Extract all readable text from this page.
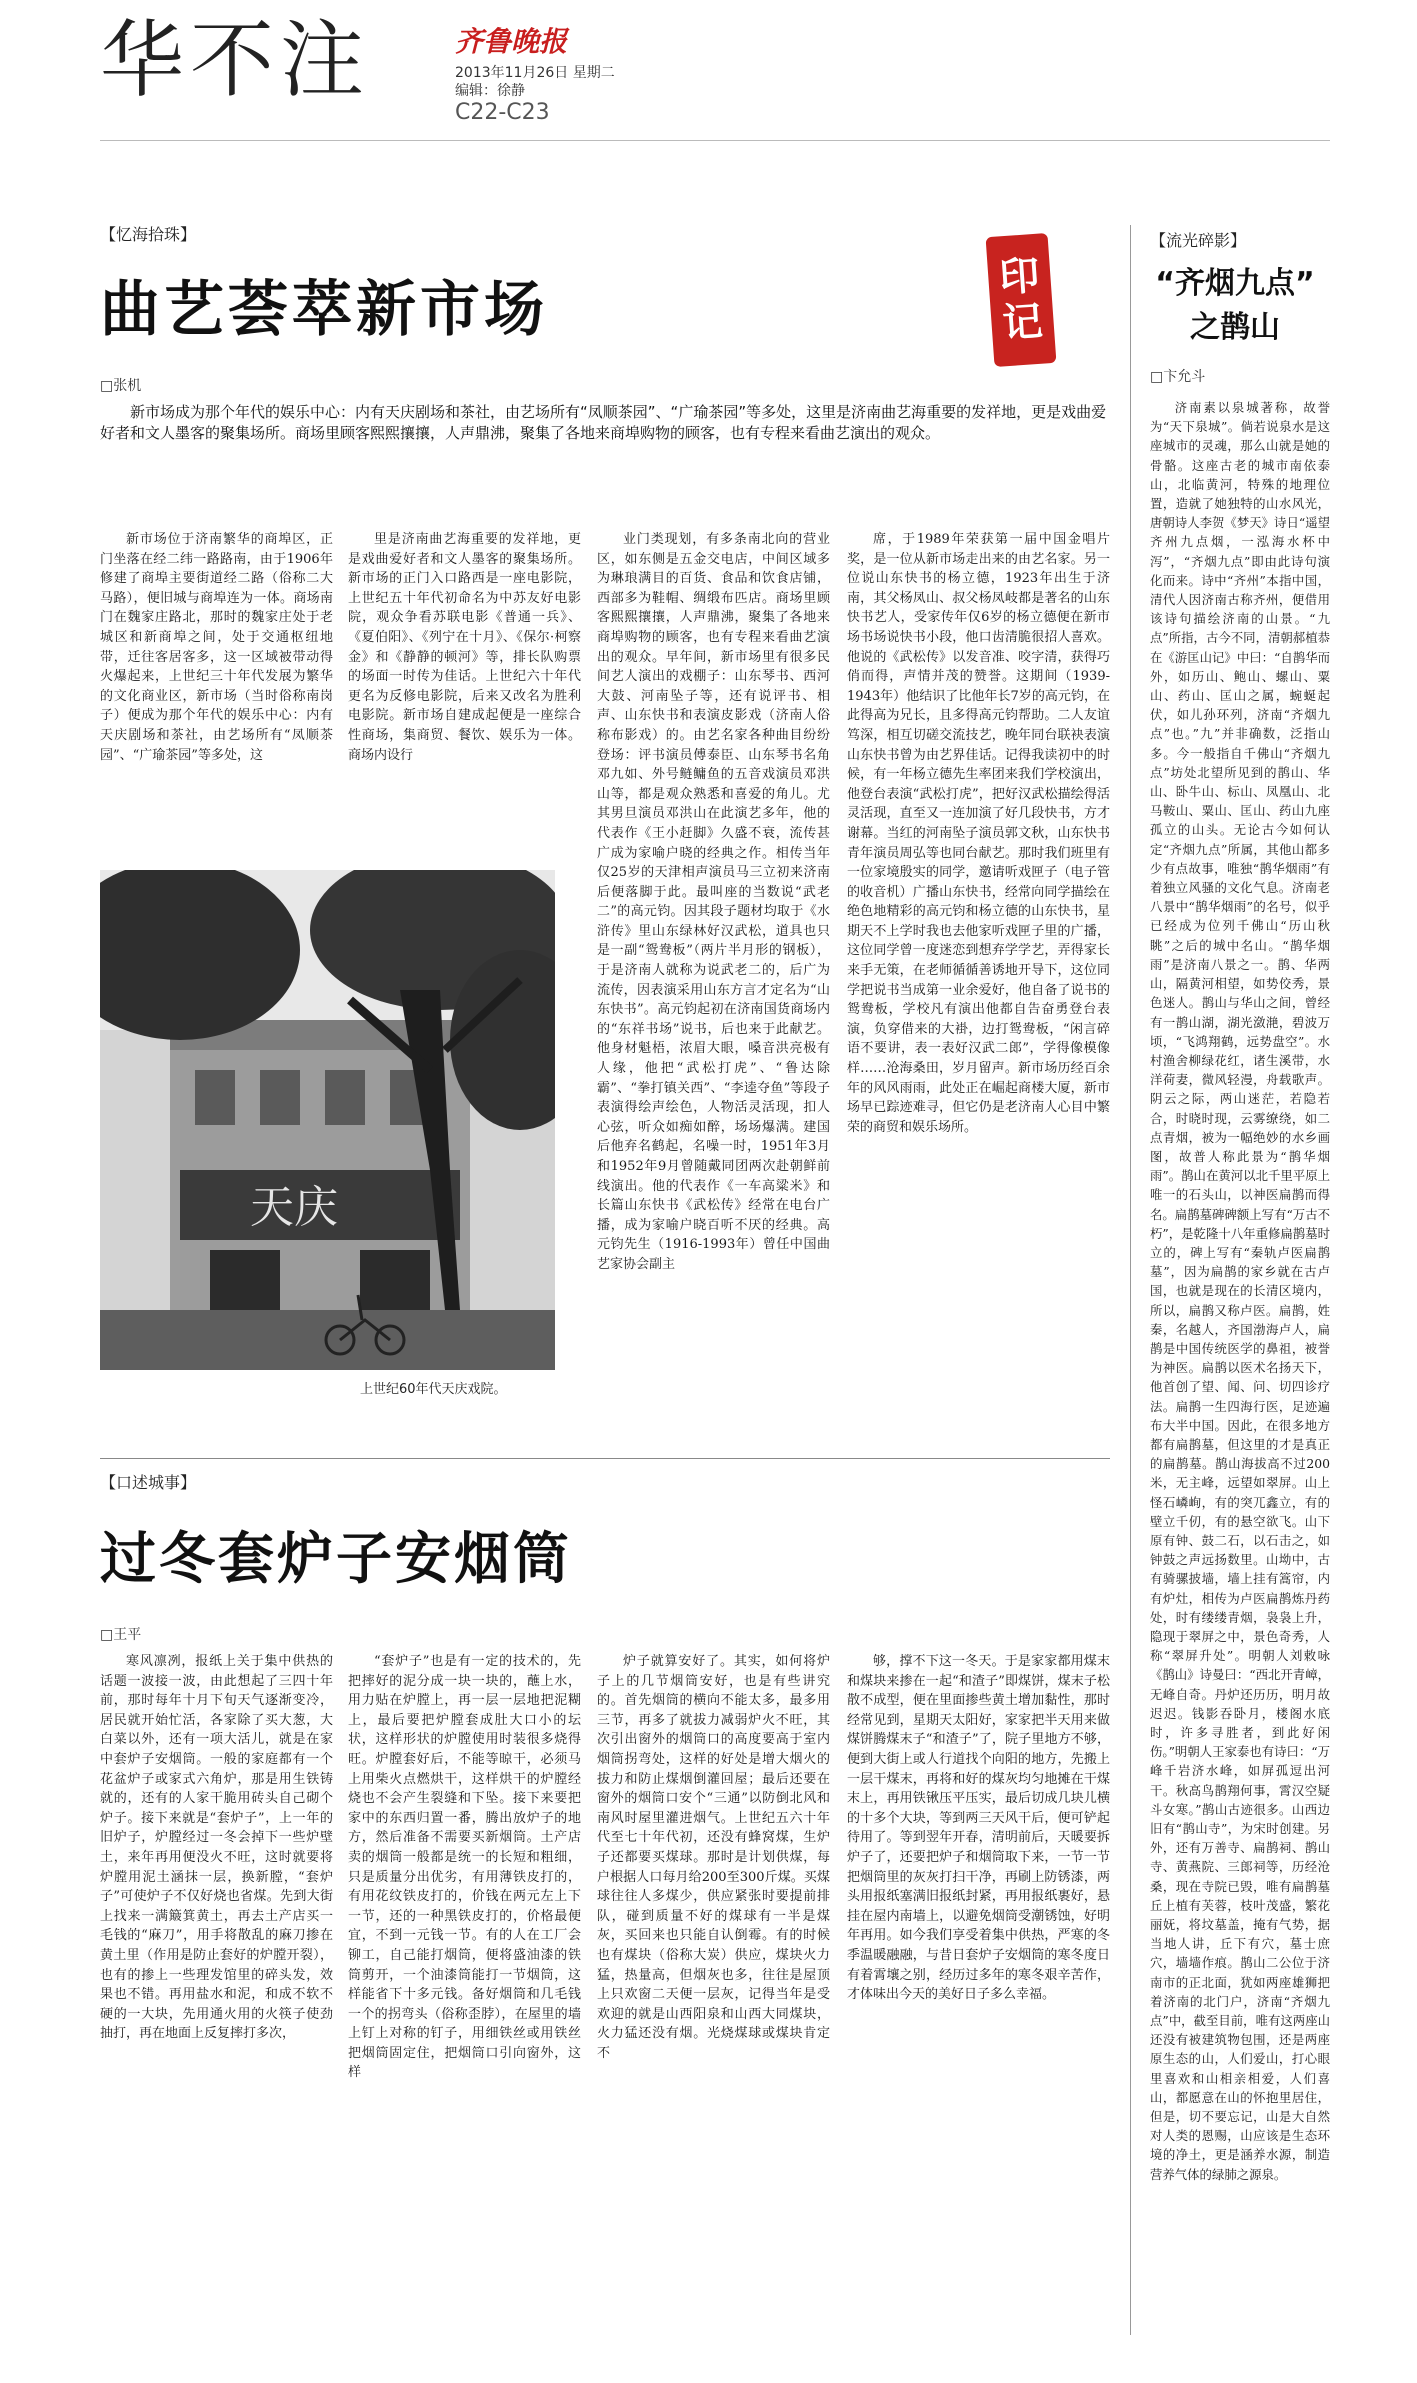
华不注	齐鲁晚报
2013年11月26日 星期二
编辑：徐静
C22-C23
【忆海拾珠】
曲艺荟萃新市场
□张机
印
记

新市场成为那个年代的娱乐中心：内有天庆剧场和茶社，由艺场所有“凤顺茶园”、“广瑜茶园”等多处，这里是济南曲艺海重要的发祥地，更是戏曲爱好者和文人墨客的聚集场所。商场里顾客熙熙攘攘，人声鼎沸，聚集了各地来商埠购物的顾客，也有专程来看曲艺演出的观众。

新市场位于济南繁华的商埠区，正门坐落在经二纬一路路南，由于1906年修建了商埠主要街道经二路（俗称二大马路），便旧城与商埠连为一体。商场南门在魏家庄路北，那时的魏家庄处于老城区和新商埠之间，处于交通枢纽地带，迁往客居客多，这一区域被带动得火爆起来，上世纪三十年代发展为繁华的文化商业区，新市场（当时俗称南岗子）便成为那个年代的娱乐中心：内有天庆剧场和茶社，由艺场所有“凤顺茶园”、“广瑜茶园”等多处，这

里是济南曲艺海重要的发祥地，更是戏曲爱好者和文人墨客的聚集场所。新市场的正门入口路西是一座电影院，上世纪五十年代初命名为中苏友好电影院，观众争看苏联电影《普通一兵》、《夏伯阳》、《列宁在十月》、《保尔·柯察金》和《静静的顿河》等，排长队购票的场面一时传为佳话。上世纪六十年代更名为反修电影院，后来又改名为胜利电影院。新市场自建成起便是一座综合性商场，集商贸、餐饮、娱乐为一体。商场内设行

业门类现划，有多条南北向的营业区，如东侧是五金交电店，中间区域多为琳琅满目的百货、食品和饮食店铺，西部多为鞋帽、绸缎布匹店。商场里顾客熙熙攘攘，人声鼎沸，聚集了各地来商埠购物的顾客，也有专程来看曲艺演出的观众。早年间，新市场里有很多民间艺人演出的戏棚子：山东琴书、西河大鼓、河南坠子等，还有说评书、相声、山东快书和表演皮影戏（济南人俗称布影戏）的。由艺名家各种曲目纷纷登场：评书演员傅泰臣、山东琴书名角邓九如、外号鲢鳙鱼的五音戏演员邓洪山等，都是观众熟悉和喜爱的角儿。尤其男旦演员邓洪山在此演艺多年，他的代表作《王小赶脚》久盛不衰，流传甚广成为家喻户晓的经典之作。相传当年仅25岁的天津相声演员马三立初来济南后便落脚于此。最叫座的当数说“武老二”的高元钧。因其段子题材均取于《水浒传》里山东绿林好汉武松，道具也只是一副“鸳鸯板”（两片半月形的钢板），于是济南人就称为说武老二的，后广为流传，因表演采用山东方言才定名为“山东快书”。高元钧起初在济南国货商场内的“东祥书场”说书，后也来于此献艺。他身材魁梧，浓眉大眼，嗓音洪亮极有人缘，他把“武松打虎”、“鲁达除霸”、“拳打镇关西”、“李逵夺鱼”等段子表演得绘声绘色，人物活灵活现，扣人心弦，听众如痴如醉，场场爆满。建国后他弃名鹤起，名噪一时，1951年3月和1952年9月曾随戴同团两次赴朝鲜前线演出。他的代表作《一车高粱米》和长篇山东快书《武松传》经常在电台广播，成为家喻户晓百听不厌的经典。高元钧先生（1916-1993年）曾任中国曲艺家协会副主

席，于1989年荣获第一届中国金唱片奖，是一位从新市场走出来的由艺名家。另一位说山东快书的杨立德，1923年出生于济南，其父杨凤山、叔父杨凤岐都是著名的山东快书艺人，受家传年仅6岁的杨立德便在新市场书场说快书小段，他口齿清脆很招人喜欢。他说的《武松传》以发音准、咬字清，获得巧俏而得，声情并茂的赞誉。这期间（1939-1943年）他结识了比他年长7岁的高元钧，在此得高为兄长，且多得高元钧帮助。二人友谊笃深，相互切磋交流技艺，晚年同台联袂表演山东快书曾为由艺界佳话。记得我读初中的时候，有一年杨立德先生率团来我们学校演出，他登台表演“武松打虎”，把好汉武松描绘得活灵活现，直至又一连加演了好几段快书，方才谢幕。当红的河南坠子演员郭文秋，山东快书青年演员周弘等也同台献艺。那时我们班里有一位家境殷实的同学，邀请听戏匣子（电子管的收音机）广播山东快书，经常向同学描绘在绝色地精彩的高元钧和杨立德的山东快书，星期天不上学时我也去他家听戏匣子里的广播，这位同学曾一度迷恋到想弃学学艺，弄得家长来手无策，在老师循循善诱地开导下，这位同学把说书当成第一业余爱好，他自备了说书的鸳鸯板，学校凡有演出他都自告奋勇登台表演，负穿借来的大褂，边打鸳鸯板，“闲言碎语不要讲，表一表好汉武二郎”，学得像模像样……沧海桑田，岁月留声。新市场历经百余年的风风雨雨，此处正在崛起商楼大厦，新市场早已踪迹难寻，但它仍是老济南人心目中繁荣的商贸和娱乐场所。

天庆
上世纪60年代天庆戏院。
【口述城事】
过冬套炉子安烟筒
□王平

寒风凛冽，报纸上关于集中供热的话题一波接一波，由此想起了三四十年前，那时每年十月下旬天气逐渐变冷，居民就开始忙活，各家除了买大葱，大白菜以外，还有一项大活儿，就是在家中套炉子安烟筒。一般的家庭都有一个花盆炉子或家式六角炉，那是用生铁铸就的，还有的人家干脆用砖头自己砌个炉子。接下来就是“套炉子”，上一年的旧炉子，炉膛经过一冬会掉下一些炉壁土，来年再用便没火不旺，这时就要将炉膛用泥土涵抹一层，换新膛，“套炉子”可使炉子不仅好烧也省煤。先到大街上找来一满簸箕黄土，再去土产店买一毛钱的“麻刀”，用手将散乱的麻刀掺在黄土里（作用是防止套好的炉膛开裂），也有的掺上一些理发馆里的碎头发，效果也不错。再用盐水和泥，和成不软不硬的一大块，先用通火用的火筷子使劲抽打，再在地面上反复摔打多次，

“套炉子”也是有一定的技术的，先把摔好的泥分成一块一块的，蘸上水，用力贴在炉膛上，再一层一层地把泥糊上，最后要把炉膛套成肚大口小的坛状，这样形状的炉膛使用时装很多烧得旺。炉膛套好后，不能等晾干，必须马上用柴火点燃烘干，这样烘干的炉膛经烧也不会产生裂缝和下坠。接下来要把家中的东西归置一番，腾出放炉子的地方，然后准备不需要买新烟筒。土产店卖的烟筒一般都是统一的长短和粗细，只是质量分出优劣，有用薄铁皮打的，有用花纹铁皮打的，价钱在两元左上下一节，还的一种黑铁皮打的，价格最便宜，不到一元钱一节。有的人在工厂会铆工，自己能打烟筒，便将盛油漆的铁筒剪开，一个油漆筒能打一节烟筒，这样能省下十多元钱。备好烟筒和几毛钱一个的拐弯头（俗称歪脖），在屋里的墙上钉上对称的钉子，用细铁丝或用铁丝把烟筒固定住，把烟筒口引向窗外，这样

炉子就算安好了。其实，如何将炉子上的几节烟筒安好，也是有些讲究的。首先烟筒的横向不能太多，最多用三节，再多了就拔力减弱炉火不旺，其次引出窗外的烟筒口的高度要高于室内烟筒拐弯处，这样的好处是增大烟火的拔力和防止煤烟倒灌回屋；最后还要在窗外的烟筒口安个“三通”以防倒北风和南风时屋里灌进烟气。上世纪五六十年代至七十年代初，还没有蜂窝煤，生炉子还都要买煤球。那时是计划供煤，每户根据人口每月给200至300斤煤。买煤球往往人多煤少，供应紧张时要提前排队，碰到质量不好的煤球有一半是煤灰，买回来也只能自认倒霉。有的时候也有煤块（俗称大炭）供应，煤块火力猛，热量高，但烟灰也多，往往是屋顶上只欢窗二天便一层灰，记得当年是受欢迎的就是山西阳泉和山西大同煤块，火力猛还没有烟。光烧煤球或煤块肯定不

够，撑不下这一冬天。于是家家都用煤末和煤块来掺在一起“和渣子”即煤饼，煤末子松散不成型，便在里面掺些黄土增加黏性，那时经常见到，星期天太阳好，家家把半天用来做煤饼腾煤末子“和渣子”了，院子里地方不够，便到大街上或人行道找个向阳的地方，先搬上一层干煤末，再将和好的煤灰均匀地摊在干煤末上，再用铁锹压平压实，最后切成几块儿横的十多个大块，等到两三天风干后，便可铲起待用了。等到翌年开春，清明前后，天暖要拆炉子了，还要把炉子和烟筒取下来，一节一节把烟筒里的灰灰打扫干净，再刷上防锈漆，两头用报纸塞满旧报纸封紧，再用报纸裹好，悬挂在屋内南墙上，以避免烟筒受潮锈蚀，好明年再用。如今我们享受着集中供热，严寒的冬季温暖融融，与昔日套炉子安烟筒的寒冬度日有着霄壤之别，经历过多年的寒冬艰辛苦作，才体味出今天的美好日子多么幸福。

【流光碎影】
“齐烟九点”
之鹊山
□卞允斗

济南素以泉城著称，故誉为“天下泉城”。倘若说泉水是这座城市的灵魂，那么山就是她的骨骼。这座古老的城市南依泰山，北临黄河，特殊的地理位置，造就了她独特的山水风光，唐朝诗人李贺《梦天》诗日“遥望齐州九点烟，一泓海水杯中泻”，“齐烟九点”即由此诗句演化而来。诗中“齐州”本指中国，清代人因济南古称齐州，便借用该诗句描绘济南的山景。“九点”所指，古今不同，清朝郝植恭在《游匡山记》中曰：“自鹊华而外，如历山、鲍山、螺山、粟山、药山、匡山之属，蜿蜒起伏，如儿孙环列，济南“齐烟九点”也。”九”并非确数，泛指山多。今一般指自千佛山“齐烟九点”坊处北望所见到的鹊山、华山、卧牛山、标山、凤凰山、北马鞍山、粟山、匡山、药山九座孤立的山头。无论古今如何认定“齐烟九点”所属，其他山都多少有点故事，唯独“鹊华烟雨”有着独立风骚的文化气息。济南老八景中“鹊华烟雨”的名号，似乎已经成为位列千佛山“历山秋眺”之后的城中名山。“鹊华烟雨”是济南八景之一。鹊、华两山，隔黄河相望，如势佼秀，景色迷人。鹊山与华山之间，曾经有一鹊山湖，湖光潋滟，碧波万顷，“飞鸿翔鹤，远势盘空”。水村渔舍柳绿花红，诸生溪带，水洋荷妻，微风轻漫，舟载歌声。阴云之际，两山迷茫，若隐若合，时晓时现，云雾缭绕，如二点青烟，被为一幅绝妙的水乡画图，故普人称此景为“鹊华烟雨”。鹊山在黄河以北千里平原上唯一的石头山，以神医扁鹊而得名。扁鹊墓碑碑额上写有“万古不朽”，是乾隆十八年重修扁鹊墓时立的，碑上写有“秦轨卢医扁鹊墓”，因为扁鹊的家乡就在古卢国，也就是现在的长清区境内，所以，扁鹊又称卢医。扁鹊，姓秦，名越人，齐国渤海卢人，扁鹊是中国传统医学的鼻祖，被誉为神医。扁鹊以医术名扬天下，他首创了望、闻、问、切四诊疗法。扁鹊一生四海行医，足迹遍布大半中国。因此，在很多地方都有扁鹊墓，但这里的才是真正的扁鹊墓。鹊山海拔高不过200米，无主峰，远望如翠屏。山上怪石嶙峋，有的突兀鑫立，有的壁立千仞，有的悬空欲飞。山下原有钟、鼓二石，以石击之，如钟鼓之声远扬数里。山坳中，古有骑骡披墙，墙上挂有篙帘，内有炉灶，相传为卢医扁鹊炼丹药处，时有缕缕青烟，袅袅上升，隐现于翠屏之中，景色奇秀，人称“翠屏升处”。明朝人刘敕咏《鹊山》诗曼曰：“西北开青嶂，无峰自奇。丹炉还历历，明月故迟迟。钱影吞卧月，楼阁水底时，许多寻胜者，到此好闲伤。”明朝人王家泰也有诗曰：“万峰千岩济水峰，如屏孤逗出河干。秋高鸟鹊翔何事，霄汉空疑斗女寒。”鹊山古迹很多。山西边旧有“鹊山寺”，为宋时创建。另外，还有万善寺、扁鹊祠、鹊山寺、黄燕院、三郎祠等，历经沧桑，现在寺院已毁，唯有扁鹊墓丘上植有芙蓉，枝叶茂盛，繁花丽妩，将坟墓盖，掩有气势，据当地人讲，丘下有穴，墓士庶穴，墙墙作痕。鹊山二公位于济南市的正北面，犹如两座雄狮把着济南的北门户，济南“齐烟九点”中，截至目前，唯有这两座山还没有被建筑物包围，还是两座原生态的山，人们爱山，打心眼里喜欢和山相亲相爱，人们喜山，都愿意在山的怀抱里居住，但是，切不要忘记，山是大自然对人类的恩赐，山应该是生态环境的净土，更是涵养水源，制造营养气体的绿肺之源泉。
